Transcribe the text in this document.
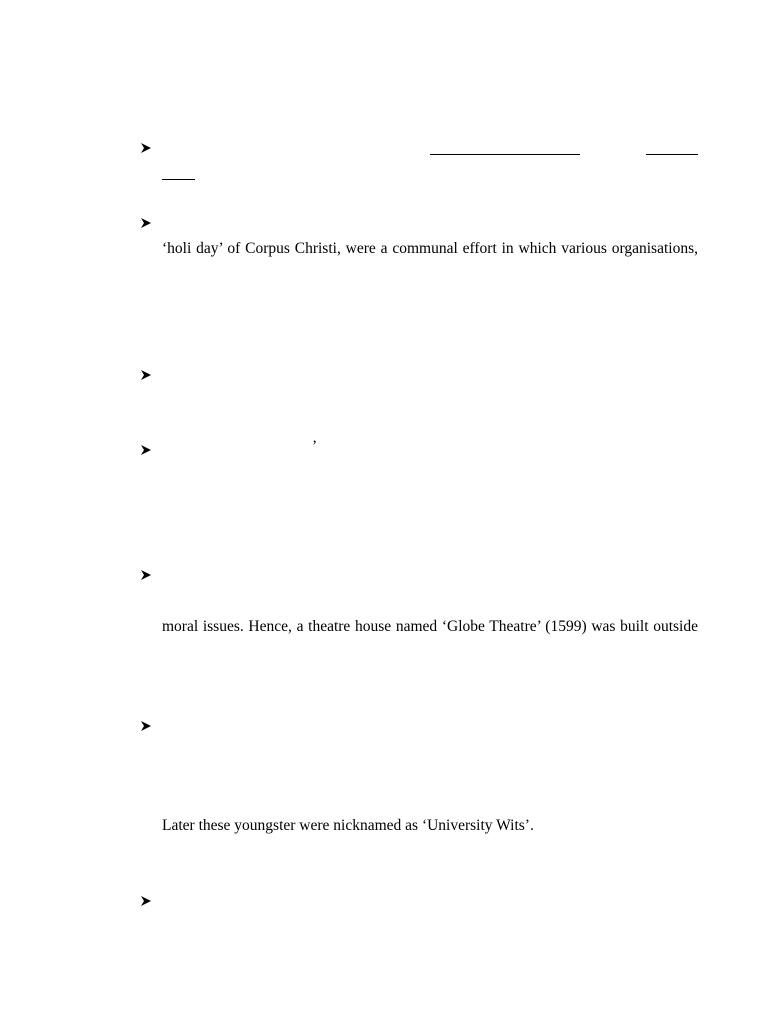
‘holi day’ of Corpus Christi, were a communal effort in which various organisations,
’
moral issues. Hence, a theatre house named ‘Globe Theatre’ (1599) was built outside
Later these youngster were nicknamed as ‘University Wits’.
